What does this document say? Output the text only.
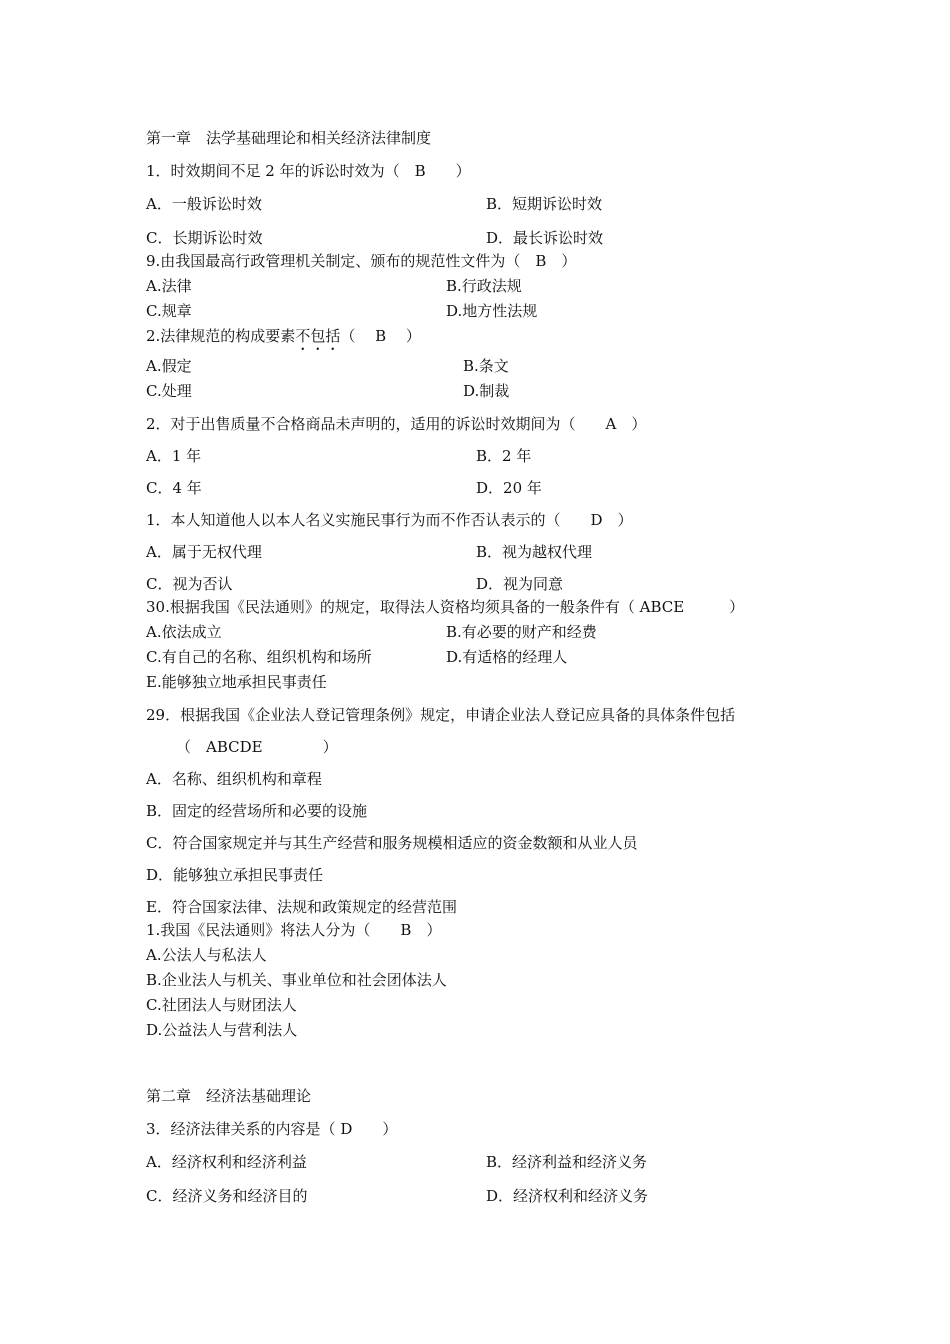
第一章　法学基础理论和相关经济法律制度
1．时效期间不足 2 年的诉讼时效为（　B　　）
A．一般诉讼时效	B．短期诉讼时效
C．长期诉讼时效	D．最长诉讼时效
9.由我国最高行政管理机关制定、颁布的规范性文件为（　B　）
A.法律	B.行政法规
C.规章	D.地方性法规
2.法律规范的构成要素不包括（　 B　 ）
A.假定	B.条文
C.处理	D.制裁
2．对于出售质量不合格商品未声明的，适用的诉讼时效期间为（　　A　）
A．1 年	B．2 年
C．4 年	D．20 年
1．本人知道他人以本人名义实施民事行为而不作否认表示的（　　D　）
A．属于无权代理	B．视为越权代理
C．视为否认	D．视为同意
30.根据我国《民法通则》的规定，取得法人资格均须具备的一般条件有（ ABCE　　　）
A.依法成立	B.有必要的财产和经费
C.有自己的名称、组织机构和场所	D.有适格的经理人
E.能够独立地承担民事责任
29．根据我国《企业法人登记管理条例》规定，申请企业法人登记应具备的具体条件包括
（　ABCDE　　　　）
A．名称、组织机构和章程
B．固定的经营场所和必要的设施
C．符合国家规定并与其生产经营和服务规模相适应的资金数额和从业人员
D．能够独立承担民事责任
E．符合国家法律、法规和政策规定的经营范围
1.我国《民法通则》将法人分为（　　B　）
A.公法人与私法人
B.企业法人与机关、事业单位和社会团体法人
C.社团法人与财团法人
D.公益法人与营利法人
第二章　经济法基础理论
3．经济法律关系的内容是（ D　　）
A．经济权利和经济利益	B．经济利益和经济义务
C．经济义务和经济目的	D．经济权利和经济义务
